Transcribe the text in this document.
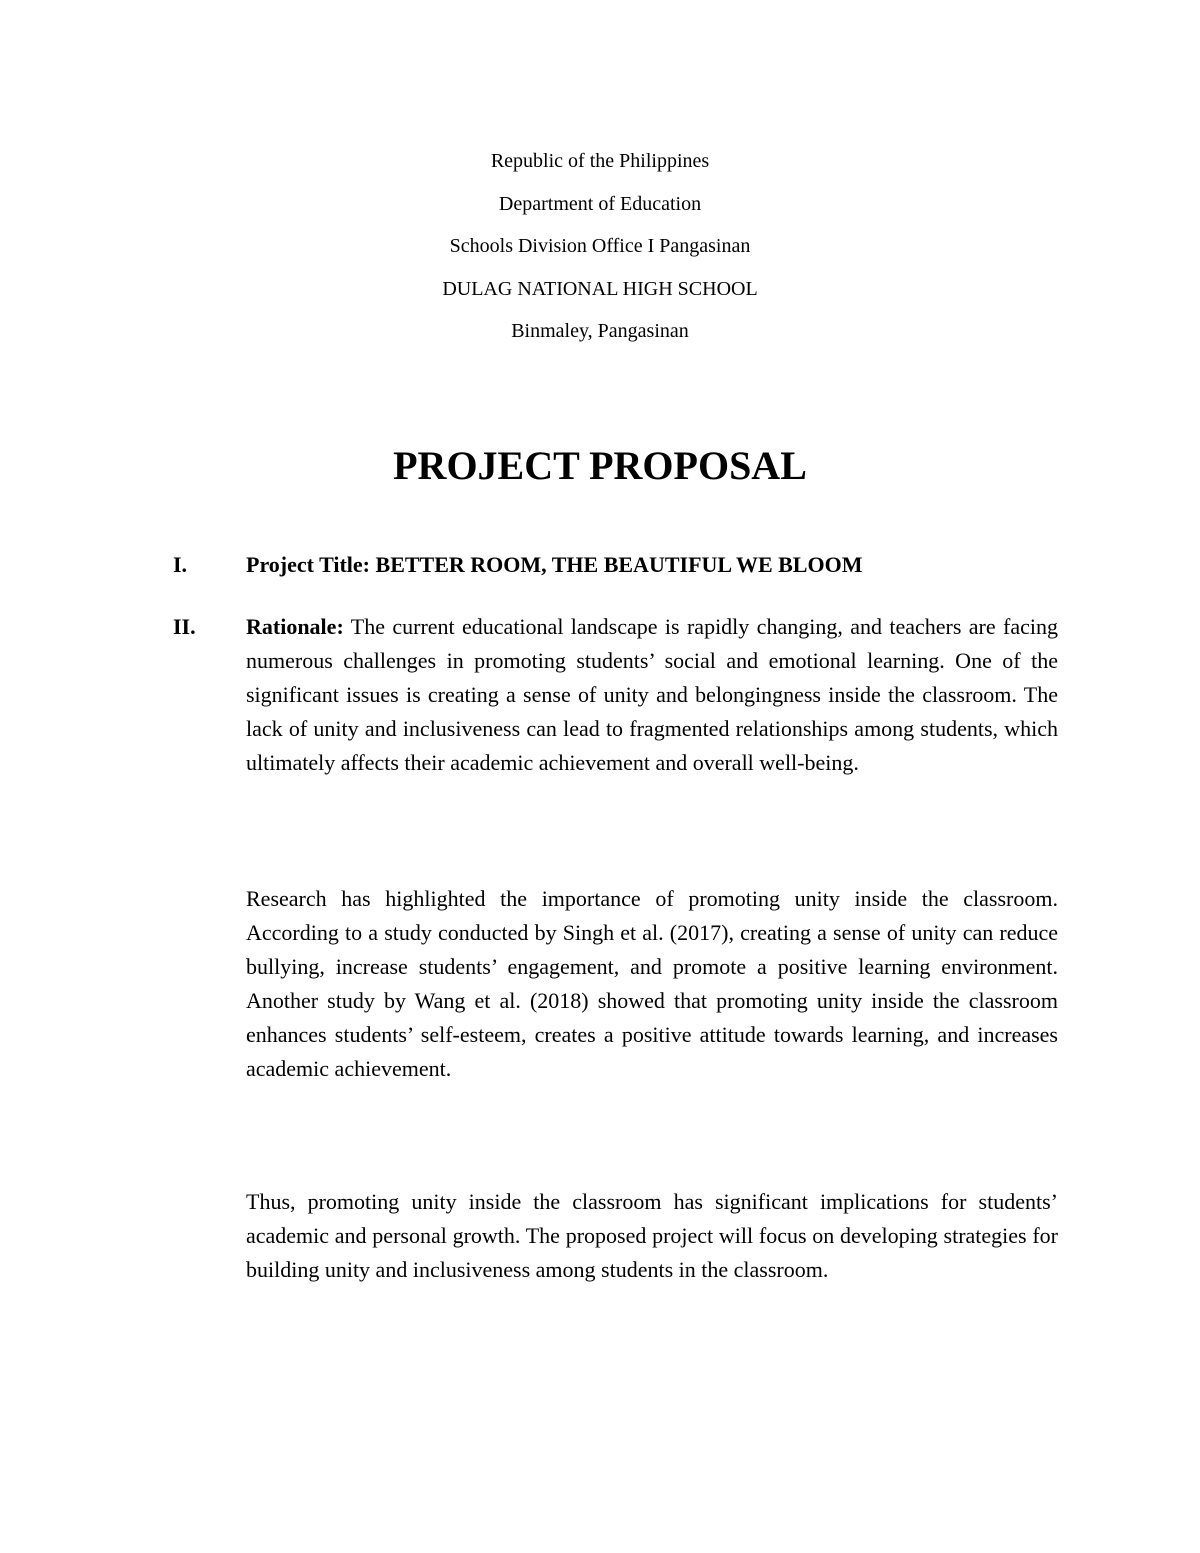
Republic of the Philippines
Department of Education
Schools Division Office I Pangasinan
DULAG NATIONAL HIGH SCHOOL
Binmaley, Pangasinan
PROJECT PROPOSAL
I.	Project Title: BETTER ROOM, THE BEAUTIFUL WE BLOOM
II. Rationale: The current educational landscape is rapidly changing, and teachers are facing numerous challenges in promoting students’ social and emotional learning. One of the significant issues is creating a sense of unity and belongingness inside the classroom. The lack of unity and inclusiveness can lead to fragmented relationships among students, which ultimately affects their academic achievement and overall well-being.
Research has highlighted the importance of promoting unity inside the classroom. According to a study conducted by Singh et al. (2017), creating a sense of unity can reduce bullying, increase students’ engagement, and promote a positive learning environment. Another study by Wang et al. (2018) showed that promoting unity inside the classroom enhances students’ self-esteem, creates a positive attitude towards learning, and increases academic achievement.
Thus, promoting unity inside the classroom has significant implications for students’ academic and personal growth. The proposed project will focus on developing strategies for building unity and inclusiveness among students in the classroom.
